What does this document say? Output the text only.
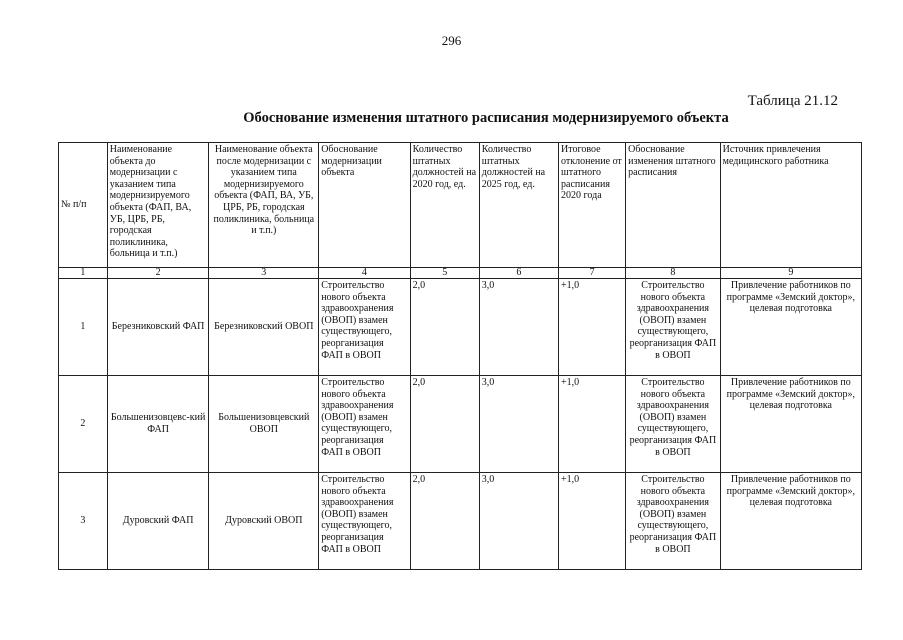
296
Таблица 21.12
Обоснование изменения штатного расписания модернизируемого объекта
№ п/п	Наименование объекта до модернизации с указанием типа модернизируемого объекта (ФАП, ВА, УБ, ЦРБ, РБ, городская поликлиника, больница и т.п.)	Наименование объекта после модернизации с указанием типа модернизируемого объекта (ФАП, ВА, УБ, ЦРБ, РБ, городская поликлиника, больница и т.п.)	Обоснование модернизации объекта	Количество штатных должностей на 2020 год, ед.	Количество штатных должностей на 2025 год, ед.	Итоговое отклонение от штатного расписания 2020 года	Обоснование изменения штатного расписания	Источник привлечения медицинского работника
1	2	3	4	5	6	7	8	9
1	Березниковский ФАП	Березниковский ОВОП	Строительство нового объекта здравоохранения (ОВОП) взамен существующего, реорганизация ФАП в ОВОП	2,0	3,0	+1,0	Строительство нового объекта здравоохранения (ОВОП) взамен существующего, реорганизация ФАП в ОВОП	Привлечение работников по программе «Земский доктор», целевая подготовка
2	Большенизовцевс-кий ФАП	Большенизовцевский ОВОП	Строительство нового объекта здравоохранения (ОВОП) взамен существующего, реорганизация ФАП в ОВОП	2,0	3,0	+1,0	Строительство нового объекта здравоохранения (ОВОП) взамен существующего, реорганизация ФАП в ОВОП	Привлечение работников по программе «Земский доктор», целевая подготовка
3	Дуровский ФАП	Дуровский ОВОП	Строительство нового объекта здравоохранения (ОВОП) взамен существующего, реорганизация ФАП в ОВОП	2,0	3,0	+1,0	Строительство нового объекта здравоохранения (ОВОП) взамен существующего, реорганизация ФАП в ОВОП	Привлечение работников по программе «Земский доктор», целевая подготовка
